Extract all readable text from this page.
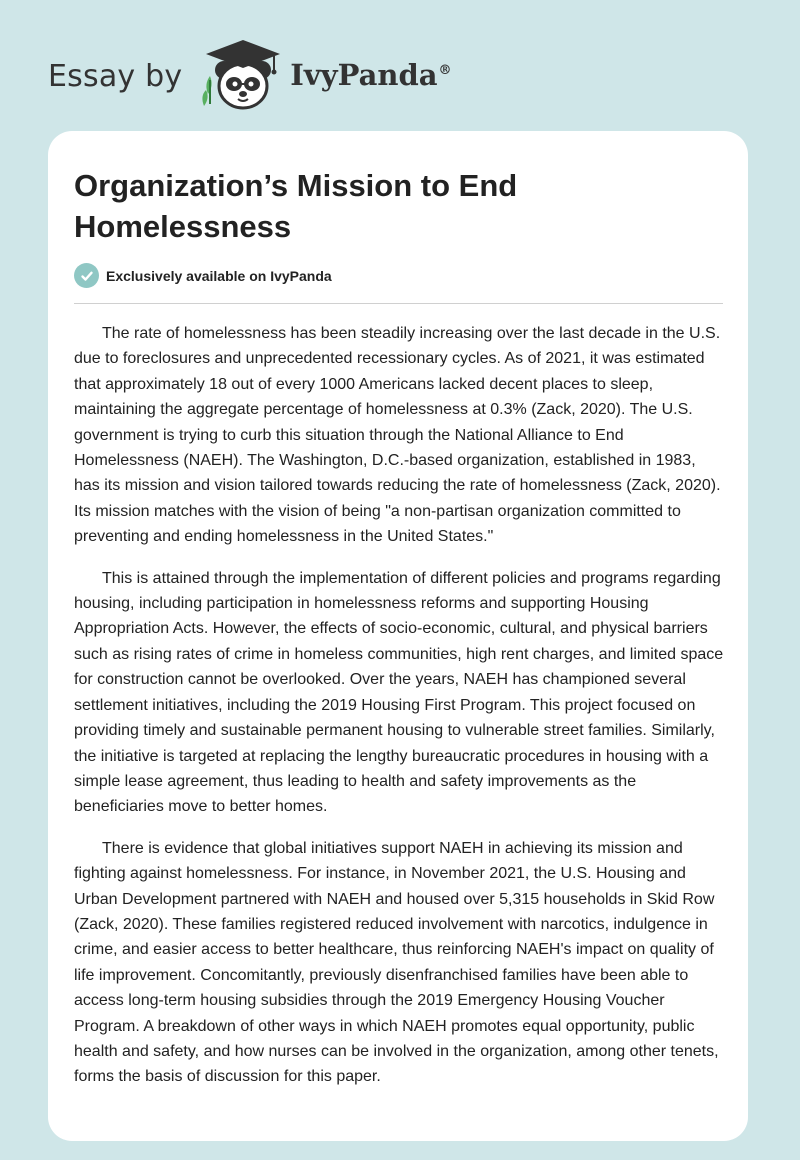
Essay by	IvyPanda®
Organization’s Mission to End Homelessness
Exclusively available on IvyPanda

The rate of homelessness has been steadily increasing over the last decade in the U.S. due to foreclosures and unprecedented recessionary cycles. As of 2021, it was estimated that approximately 18 out of every 1000 Americans lacked decent places to sleep, maintaining the aggregate percentage of homelessness at 0.3% (Zack, 2020). The U.S. government is trying to curb this situation through the National Alliance to End Homelessness (NAEH). The Washington, D.C.-based organization, established in 1983, has its mission and vision tailored towards reducing the rate of homelessness (Zack, 2020). Its mission matches with the vision of being "a non-partisan organization committed to preventing and ending homelessness in the United States."

This is attained through the implementation of different policies and programs regarding housing, including participation in homelessness reforms and supporting Housing Appropriation Acts. However, the effects of socio-economic, cultural, and physical barriers such as rising rates of crime in homeless communities, high rent charges, and limited space for construction cannot be overlooked. Over the years, NAEH has championed several settlement initiatives, including the 2019 Housing First Program. This project focused on providing timely and sustainable permanent housing to vulnerable street families. Similarly, the initiative is targeted at replacing the lengthy bureaucratic procedures in housing with a simple lease agreement, thus leading to health and safety improvements as the beneficiaries move to better homes.

There is evidence that global initiatives support NAEH in achieving its mission and fighting against homelessness. For instance, in November 2021, the U.S. Housing and Urban Development partnered with NAEH and housed over 5,315 households in Skid Row (Zack, 2020). These families registered reduced involvement with narcotics, indulgence in crime, and easier access to better healthcare, thus reinforcing NAEH's impact on quality of life improvement. Concomitantly, previously disenfranchised families have been able to access long-term housing subsidies through the 2019 Emergency Housing Voucher Program. A breakdown of other ways in which NAEH promotes equal opportunity, public health and safety, and how nurses can be involved in the organization, among other tenets, forms the basis of discussion for this paper.
